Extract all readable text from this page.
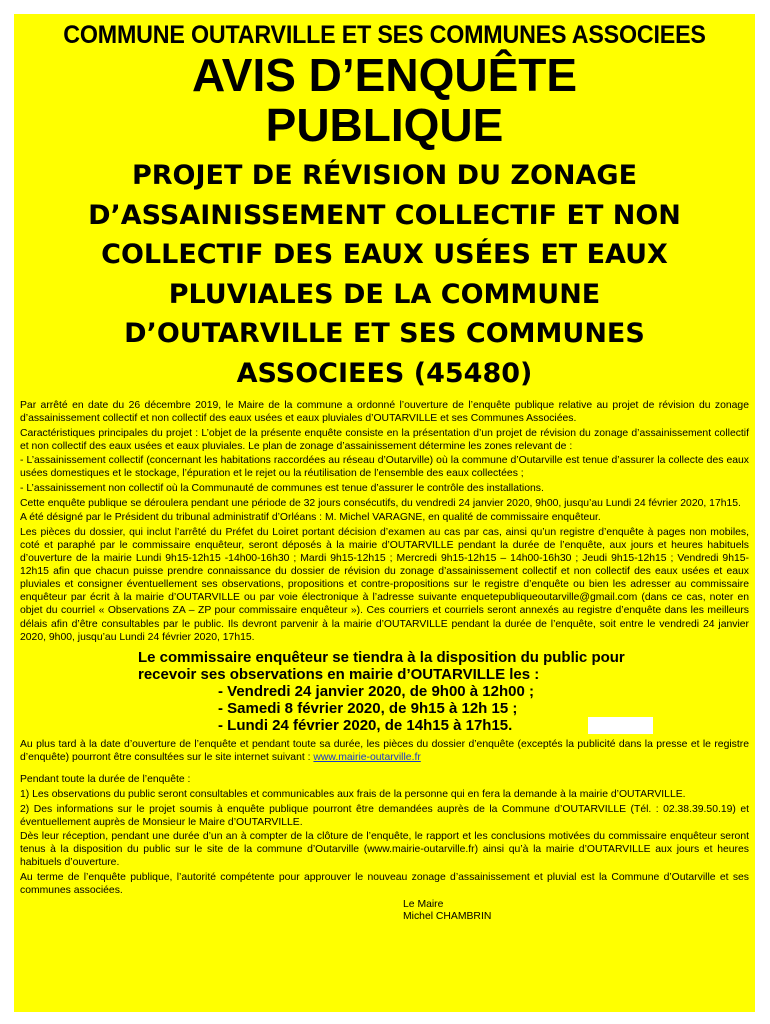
COMMUNE OUTARVILLE ET SES COMMUNES ASSOCIEES
AVIS D’ENQUÊTE
PUBLIQUE
PROJET DE RÉVISION DU ZONAGE
D’ASSAINISSEMENT COLLECTIF ET NON
COLLECTIF DES EAUX USÉES ET EAUX
PLUVIALES DE LA COMMUNE
D’OUTARVILLE ET SES COMMUNES
ASSOCIEES (45480)

Par arrêté en date du 26 décembre 2019, le Maire de la commune a ordonné l’ouverture de l’enquête publique relative au projet de révision du zonage d’assainissement collectif et non collectif des eaux usées et eaux pluviales d’OUTARVILLE et ses Communes Associées.

Caractéristiques principales du projet : L’objet de la présente enquête consiste en la présentation d’un projet de révision du zonage d’assainissement collectif et non collectif des eaux usées et eaux pluviales. Le plan de zonage d’assainissement détermine les zones relevant de :

- L’assainissement collectif (concernant les habitations raccordées au réseau d’Outarville) où la commune d’Outarville est tenue d’assurer la collecte des eaux usées domestiques et le stockage, l’épuration et le rejet ou la réutilisation de l’ensemble des eaux collectées ;

- L’assainissement non collectif où la Communauté de communes est tenue d’assurer le contrôle des installations.

Cette enquête publique se déroulera pendant une période de 32 jours consécutifs, du vendredi 24 janvier 2020, 9h00, jusqu’au Lundi 24 février 2020, 17h15.

A été désigné par le Président du tribunal administratif d’Orléans : M. Michel VARAGNE, en qualité de commissaire enquêteur.

Les pièces du dossier, qui inclut l’arrêté du Préfet du Loiret portant décision d’examen au cas par cas, ainsi qu’un registre d’enquête à pages non mobiles, coté et paraphé par le commissaire enquêteur, seront déposés à la mairie d’OUTARVILLE pendant la durée de l’enquête, aux jours et heures habituels d’ouverture de la mairie Lundi 9h15-12h15 -14h00-16h30 ; Mardi 9h15-12h15 ; Mercredi 9h15-12h15 – 14h00-16h30 ; Jeudi 9h15-12h15 ; Vendredi 9h15-12h15 afin que chacun puisse prendre connaissance du dossier de révision du zonage d’assainissement collectif et non collectif des eaux usées et eaux pluviales et consigner éventuellement ses observations, propositions et contre-propositions sur le registre d’enquête ou bien les adresser au commissaire enquêteur par écrit à la mairie d’OUTARVILLE ou par voie électronique à l’adresse suivante enquetepubliqueoutarville@gmail.com (dans ce cas, noter en objet du courriel « Observations ZA – ZP pour commissaire enquêteur »). Ces courriers et courriels seront annexés au registre d’enquête dans les meilleurs délais afin d’être consultables par le public. Ils devront parvenir à la mairie d’OUTARVILLE pendant la durée de l’enquête, soit entre le vendredi 24 janvier 2020, 9h00, jusqu’au Lundi 24 février 2020, 17h15.

Le commissaire enquêteur se tiendra à la disposition du public pour
recevoir ses observations en mairie d’OUTARVILLE les :
- Vendredi 24 janvier 2020, de 9h00 à 12h00 ;
- Samedi 8 février 2020, de 9h15 à 12h 15 ;
- Lundi 24 février 2020, de 14h15 à 17h15.

Au plus tard à la date d’ouverture de l’enquête et pendant toute sa durée, les pièces du dossier d’enquête (exceptés la publicité dans la presse et le registre d’enquête) pourront être consultées sur le site internet suivant : www.mairie-outarville.fr

Pendant toute la durée de l’enquête :

1) Les observations du public seront consultables et communicables aux frais de la personne qui en fera la demande à la mairie d’OUTARVILLE.

2) Des informations sur le projet soumis à enquête publique pourront être demandées auprès de la Commune d’OUTARVILLE (Tél. : 02.38.39.50.19) et éventuellement auprès de Monsieur le Maire d’OUTARVILLE.

Dès leur réception, pendant une durée d’un an à compter de la clôture de l’enquête, le rapport et les conclusions motivées du commissaire enquêteur seront tenus à la disposition du public sur le site de la commune d’Outarville (www.mairie-outarville.fr) ainsi qu’à la mairie d’OUTARVILLE aux jours et heures habituels d’ouverture.

Au terme de l’enquête publique, l’autorité compétente pour approuver le nouveau zonage d’assainissement et pluvial est la Commune d’Outarville et ses communes associées.

Le Maire
Michel CHAMBRIN
